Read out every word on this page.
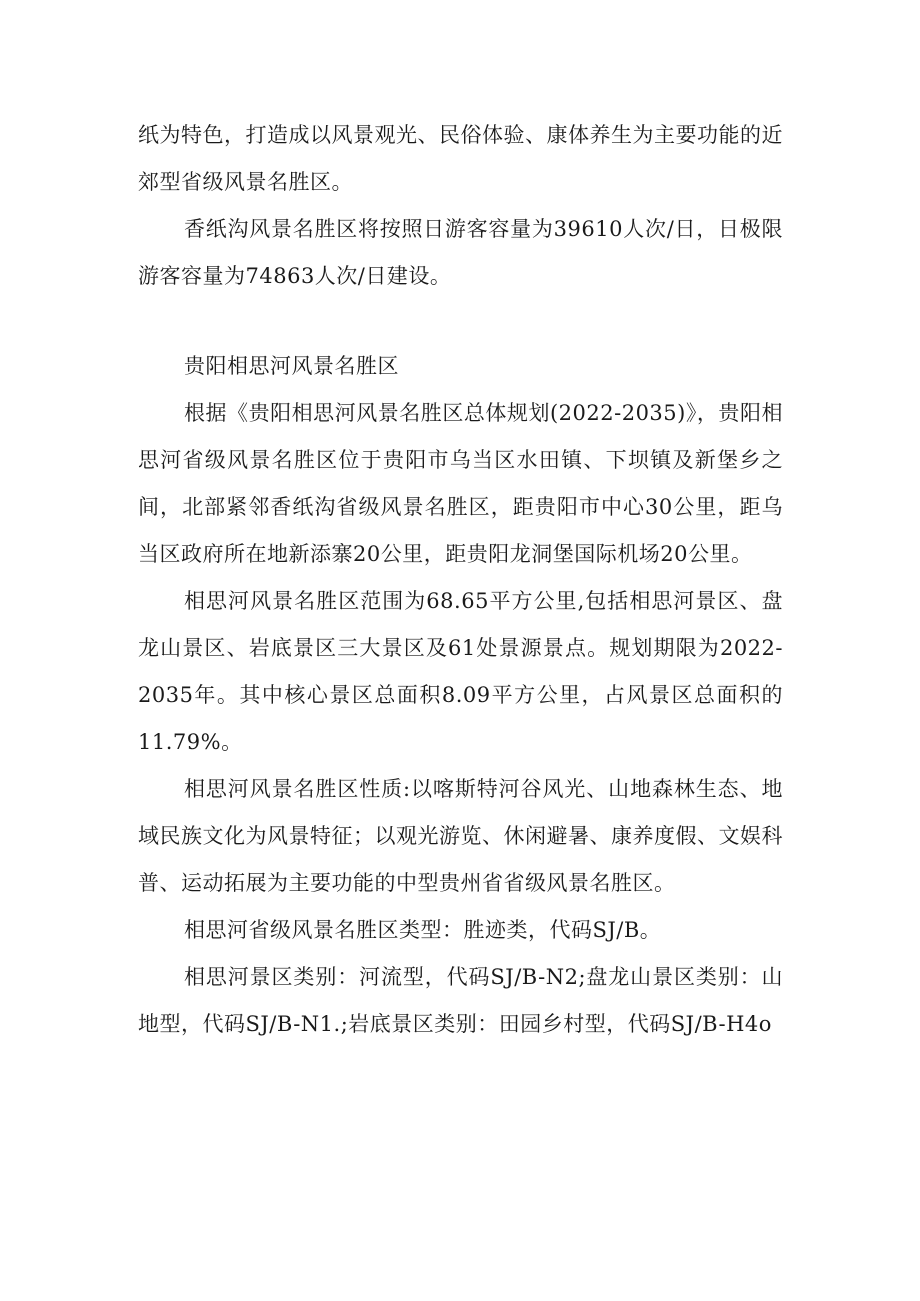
纸为特色，打造成以风景观光、民俗体验、康体养生为主要功能的近郊型省级风景名胜区。

香纸沟风景名胜区将按照日游客容量为39610人次/日，日极限游客容量为74863人次/日建设。

贵阳相思河风景名胜区

根据《贵阳相思河风景名胜区总体规划(2022-2035)》，贵阳相思河省级风景名胜区位于贵阳市乌当区水田镇、下坝镇及新堡乡之间，北部紧邻香纸沟省级风景名胜区，距贵阳市中心30公里，距乌当区政府所在地新添寨20公里，距贵阳龙洞堡国际机场20公里。

相思河风景名胜区范围为68.65平方公里,包括相思河景区、盘龙山景区、岩底景区三大景区及61处景源景点。规划期限为2022-2035年。其中核心景区总面积8.09平方公里，占风景区总面积的11.79%。

相思河风景名胜区性质:以喀斯特河谷风光、山地森林生态、地域民族文化为风景特征；以观光游览、休闲避暑、康养度假、文娱科普、运动拓展为主要功能的中型贵州省省级风景名胜区。

相思河省级风景名胜区类型：胜迹类，代码SJ/B。

相思河景区类别：河流型，代码SJ/B-N2;盘龙山景区类别：山地型，代码SJ/B-N1.;岩底景区类别：田园乡村型，代码SJ∕B-H4o
